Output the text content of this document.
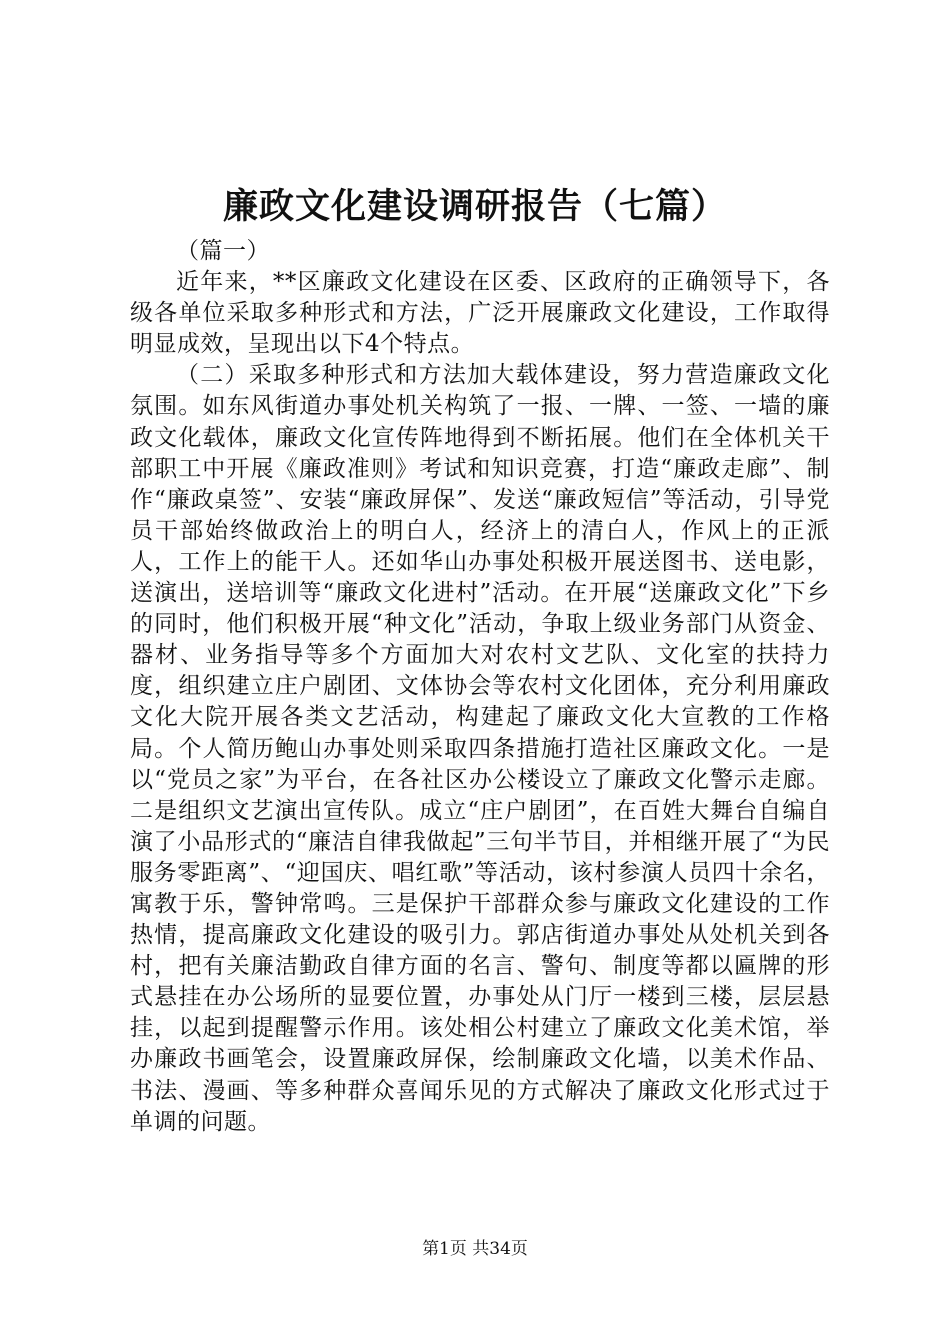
廉政文化建设调研报告（七篇）

（篇一）

近年来，**区廉政文化建设在区委、区政府的正确领导下，各级各单位采取多种形式和方法，广泛开展廉政文化建设，工作取得明显成效，呈现出以下4个特点。

（二）采取多种形式和方法加大载体建设，努力营造廉政文化氛围。如东风街道办事处机关构筑了一报、一牌、一签、一墙的廉政文化载体，廉政文化宣传阵地得到不断拓展。他们在全体机关干部职工中开展《廉政准则》考试和知识竞赛，打造“廉政走廊”、制作“廉政桌签”、安装“廉政屏保”、发送“廉政短信”等活动，引导党员干部始终做政治上的明白人，经济上的清白人，作风上的正派人，工作上的能干人。还如华山办事处积极开展送图书、送电影，送演出，送培训等“廉政文化进村”活动。在开展“送廉政文化”下乡的同时，他们积极开展“种文化”活动，争取上级业务部门从资金、器材、业务指导等多个方面加大对农村文艺队、文化室的扶持力度，组织建立庄户剧团、文体协会等农村文化团体，充分利用廉政文化大院开展各类文艺活动，构建起了廉政文化大宣教的工作格局。个人简历鲍山办事处则采取四条措施打造社区廉政文化。一是以“党员之家”为平台，在各社区办公楼设立了廉政文化警示走廊。二是组织文艺演出宣传队。成立“庄户剧团”，在百姓大舞台自编自演了小品形式的“廉洁自律我做起”三句半节目，并相继开展了“为民服务零距离”、“迎国庆、唱红歌”等活动，该村参演人员四十余名，寓教于乐，警钟常鸣。三是保护干部群众参与廉政文化建设的工作热情，提高廉政文化建设的吸引力。郭店街道办事处从处机关到各村，把有关廉洁勤政自律方面的名言、警句、制度等都以匾牌的形式悬挂在办公场所的显要位置，办事处从门厅一楼到三楼，层层悬挂，以起到提醒警示作用。该处相公村建立了廉政文化美术馆，举办廉政书画笔会，设置廉政屏保，绘制廉政文化墙，以美术作品、书法、漫画、等多种群众喜闻乐见的方式解决了廉政文化形式过于单调的问题。

第1页 共34页
